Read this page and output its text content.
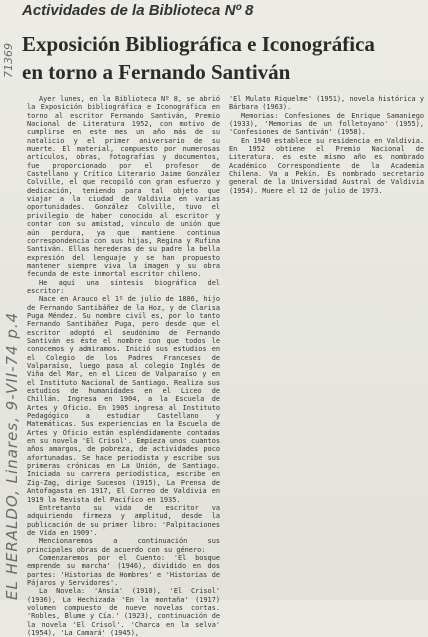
71369
EL HERALDO, Linares, 9-VII-74 p.4
Actividades de la Biblioteca Nº 8
Exposición Bibliográfica e Iconográfica
en torno a Fernando Santiván

Ayer lunes, en la Biblioteca Nº 8, se abrió la Exposición bibliográfica e Iconográfica en torno al escritor Fernando Santiván, Premio Nacional de Literatura 1952, con motivo de cumplirse en este mes un año más de su natalicio y el primer aniversario de su muerte. El material, compuesto por numerosas artículos, obras, fotografías y documentos, fue proporcionado por el profesor de Castellano y Crítico Literario Jaime González Colville, el que recopiló con gran esfuerzo y dedicación, teniendo para tal objeto que viajar a la ciudad de Valdivia en varias oportunidades. González Colville, tuvo el privilegio de haber conocido al escritor y contar con su amistad, vínculo de unión que aún perdura, ya que mantiene continua correspondencia con sus hijas, Regina y Rufina Santiván. Ellas herederas de su padre la bella expresión del lenguaje y se han propuesto mantener siempre viva la imagen y su obra fecunda de este inmortal escritor chileno.

He aquí una síntesis biográfica del escritor:

Nace en Arauco el 1º de julio de 1886, hijo de Fernando Santibáñez de la Hoz, y de Clarisa Puga Méndez. Su nombre civil es, por lo tanto Fernando Santibáñez Puga, pero desde que el escritor adoptó el seudónimo de Fernando Santiván es éste el nombre con que todos le conocemos y admiramos. Inició sus estudios en el Colegio de los Padres Franceses de Valparaíso, luego pasa al colegio Inglés de Viña del Mar, en el Liceo de Valparaíso y en el Instituto Nacional de Santiago. Realiza sus estudios de humanidades en el Liceo de Chillán. Ingresa en 1904, a la Escuela de Artes y Oficio. En 1905 ingresa al Instituto Pedagógico a estudiar Castellano y Matemáticas. Sus experiencias en la Escuela de Artes y Oficio están espléndidamente contadas en su novela 'El Crisol'. Empieza unos cuantos años amargos, de pobreza, de actividades poco afortunadas. Se hace periodista y escribe sus primeras crónicas en La Unión, de Santiago. Iniciada su carrera periodística, escribe en Zig-Zag, dirige Sucesos (1915), La Prensa de Antofagasta en 1917, El Correo de Valdivia en 1919 la Revista del Pacífico en 1935.

Entretanto su vida de escritor va adquiriendo firmeza y amplitud, desde la publicación de su primer libro: 'Palpitaciones de Vida en 1909'.

Mencionaremos a continuación sus principales obras de acuerdo con su género:

Comenzaremos por el Cuento: 'El bosque emprende su marcha' (1946), dividido en dos partes: 'Historias de Hombres' e 'Historias de Pájaros y Servidores'.

La Novela: 'Ansia' (1910), 'El Crisol' (1936), La Hechizada 'En la montaña' (1917) volumen compuesto de nueve novelas cortas. 'Robles, Blume y Cía.' (1923), continuación de la novela 'El Crisol'. 'Charca en la selva' (1954), 'La Camará' (1945),

'El Mulato Riquelme' (1951), novela histórica y Bárbara (1963).

Memorias: Confesiones de Enrique Samaniego (1933), 'Memorias de un folletoyano' (1955), 'Confesiones de Santiván' (1958).

En 1940 establece su residencia en Valdivia. En 1952 obtiene el Premio Nacional de Literatura. es este mismo año es nombrado Académico Correspondiente de la Academia Chilena. Va a Pekín. Es nombrado secretario general de la Universidad Austral de Valdivia (1954). Muere el 12 de julio de 1973.
